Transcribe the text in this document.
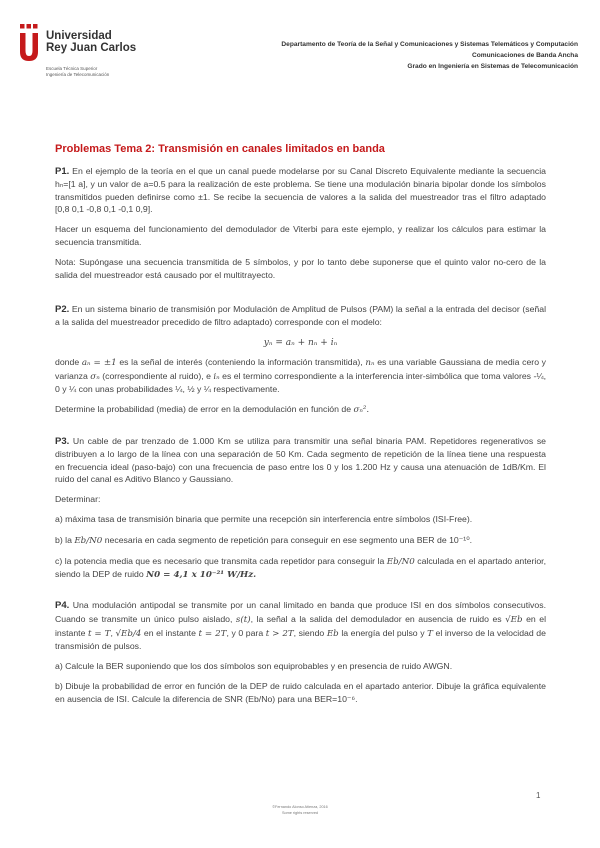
Universidad
Rey Juan Carlos
Escuela Técnica Superior
Ingeniería de Telecomunicación
Departamento de Teoría de la Señal y Comunicaciones y Sistemas Telemáticos y Computación
Comunicaciones de Banda Ancha
Grado en Ingeniería en Sistemas de Telecomunicación
Problemas Tema 2: Transmisión en canales limitados en banda

P1. En el ejemplo de la teoría en el que un canal puede modelarse por su Canal Discreto Equivalente mediante la secuencia hₙ=[1 a], y un valor de a=0.5 para la realización de este problema. Se tiene una modulación binaria bipolar donde los símbolos transmitidos pueden definirse como ±1. Se recibe la secuencia de valores a la salida del muestreador tras el filtro adaptado [0,8 0,1 -0,8 0,1 -0,1 0,9].

Hacer un esquema del funcionamiento del demodulador de Viterbi para este ejemplo, y realizar los cálculos para estimar la secuencia transmitida.

Nota: Supóngase una secuencia transmitida de 5 símbolos, y por lo tanto debe suponerse que el quinto valor no-cero de la salida del muestreador está causado por el multitrayecto.

P2. En un sistema binario de transmisión por Modulación de Amplitud de Pulsos (PAM) la señal a la entrada del decisor (señal a la salida del muestreador precedido de filtro adaptado) corresponde con el modelo:

yₙ = aₙ + nₙ + iₙ

donde aₙ = ±1 es la señal de interés (conteniendo la información transmitida), nₙ es una variable Gaussiana de media cero y varianza σₙ (correspondiente al ruido), e iₙ es el termino correspondiente a la interferencia inter-simbólica que toma valores -¼, 0 y ¼ con unas probabilidades ¼, ½ y ¼ respectivamente.

Determine la probabilidad (media) de error en la demodulación en función de σₙ².

P3. Un cable de par trenzado de 1.000 Km se utiliza para transmitir una señal binaria PAM. Repetidores regenerativos se distribuyen a lo largo de la línea con una separación de 50 Km. Cada segmento de repetición de la línea tiene una respuesta en frecuencia ideal (paso-bajo) con una frecuencia de paso entre los 0 y los 1.200 Hz y causa una atenuación de 1dB/Km. El ruido del canal es Aditivo Blanco y Gaussiano.

Determinar:

a) máxima tasa de transmisión binaria que permite una recepción sin interferencia entre símbolos (ISI-Free).

b) la Eb/N0 necesaria en cada segmento de repetición para conseguir en ese segmento una BER de 10⁻¹⁰.

c) la potencia media que es necesario que transmita cada repetidor para conseguir la Eb/N0 calculada en el apartado anterior, siendo la DEP de ruido N0 = 4,1 x 10⁻²¹ W/Hz.

P4. Una modulación antipodal se transmite por un canal limitado en banda que produce ISI en dos símbolos consecutivos. Cuando se transmite un único pulso aislado, s(t), la señal a la salida del demodulador en ausencia de ruido es √Eb en el instante t = T, √Eb/4 en el instante t = 2T, y 0 para t > 2T, siendo Eb la energía del pulso y T el inverso de la velocidad de transmisión de pulsos.

a) Calcule la BER suponiendo que los dos símbolos son equiprobables y en presencia de ruido AWGN.

b) Dibuje la probabilidad de error en función de la DEP de ruido calculada en el apartado anterior. Dibuje la gráfica equivalente en ausencia de ISI. Calcule la diferencia de SNR (Eb/No) para una BER=10⁻⁶.

1
©Fernando Alonso Atienza, 2016
Some rights reserved
